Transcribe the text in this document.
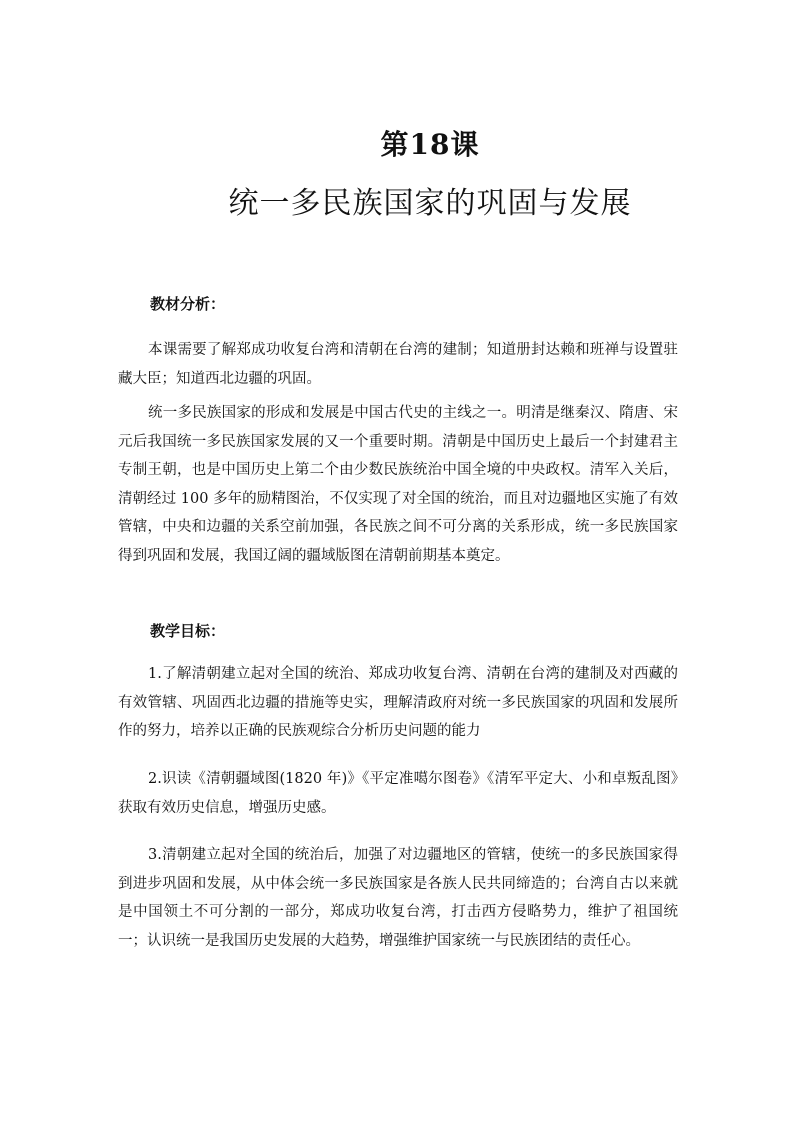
第18课
统一多民族国家的巩固与发展
教材分析：

本课需要了解郑成功收复台湾和清朝在台湾的建制；知道册封达赖和班禅与设置驻藏大臣；知道西北边疆的巩固。

统一多民族国家的形成和发展是中国古代史的主线之一。明清是继秦汉、隋唐、宋元后我国统一多民族国家发展的又一个重要时期。清朝是中国历史上最后一个封建君主专制王朝，也是中国历史上第二个由少数民族统治中国全境的中央政权。清军入关后，清朝经过 100 多年的励精图治，不仅实现了对全国的统治，而且对边疆地区实施了有效管辖，中央和边疆的关系空前加强，各民族之间不可分离的关系形成，统一多民族国家得到巩固和发展，我国辽阔的疆域版图在清朝前期基本奠定。

教学目标：

1.了解清朝建立起对全国的统治、郑成功收复台湾、清朝在台湾的建制及对西藏的有效管辖、巩固西北边疆的措施等史实，理解清政府对统一多民族国家的巩固和发展所作的努力，培养以正确的民族观综合分析历史问题的能力

2.识读《清朝疆域图(1820 年)》《平定准噶尔图卷》《清军平定大、小和卓叛乱图》获取有效历史信息，增强历史感。

3.清朝建立起对全国的统治后，加强了对边疆地区的管辖，使统一的多民族国家得到进步巩固和发展，从中体会统一多民族国家是各族人民共同缔造的；台湾自古以来就是中国领土不可分割的一部分，郑成功收复台湾，打击西方侵略势力，维护了祖国统一；认识统一是我国历史发展的大趋势，增强维护国家统一与民族团结的责任心。
